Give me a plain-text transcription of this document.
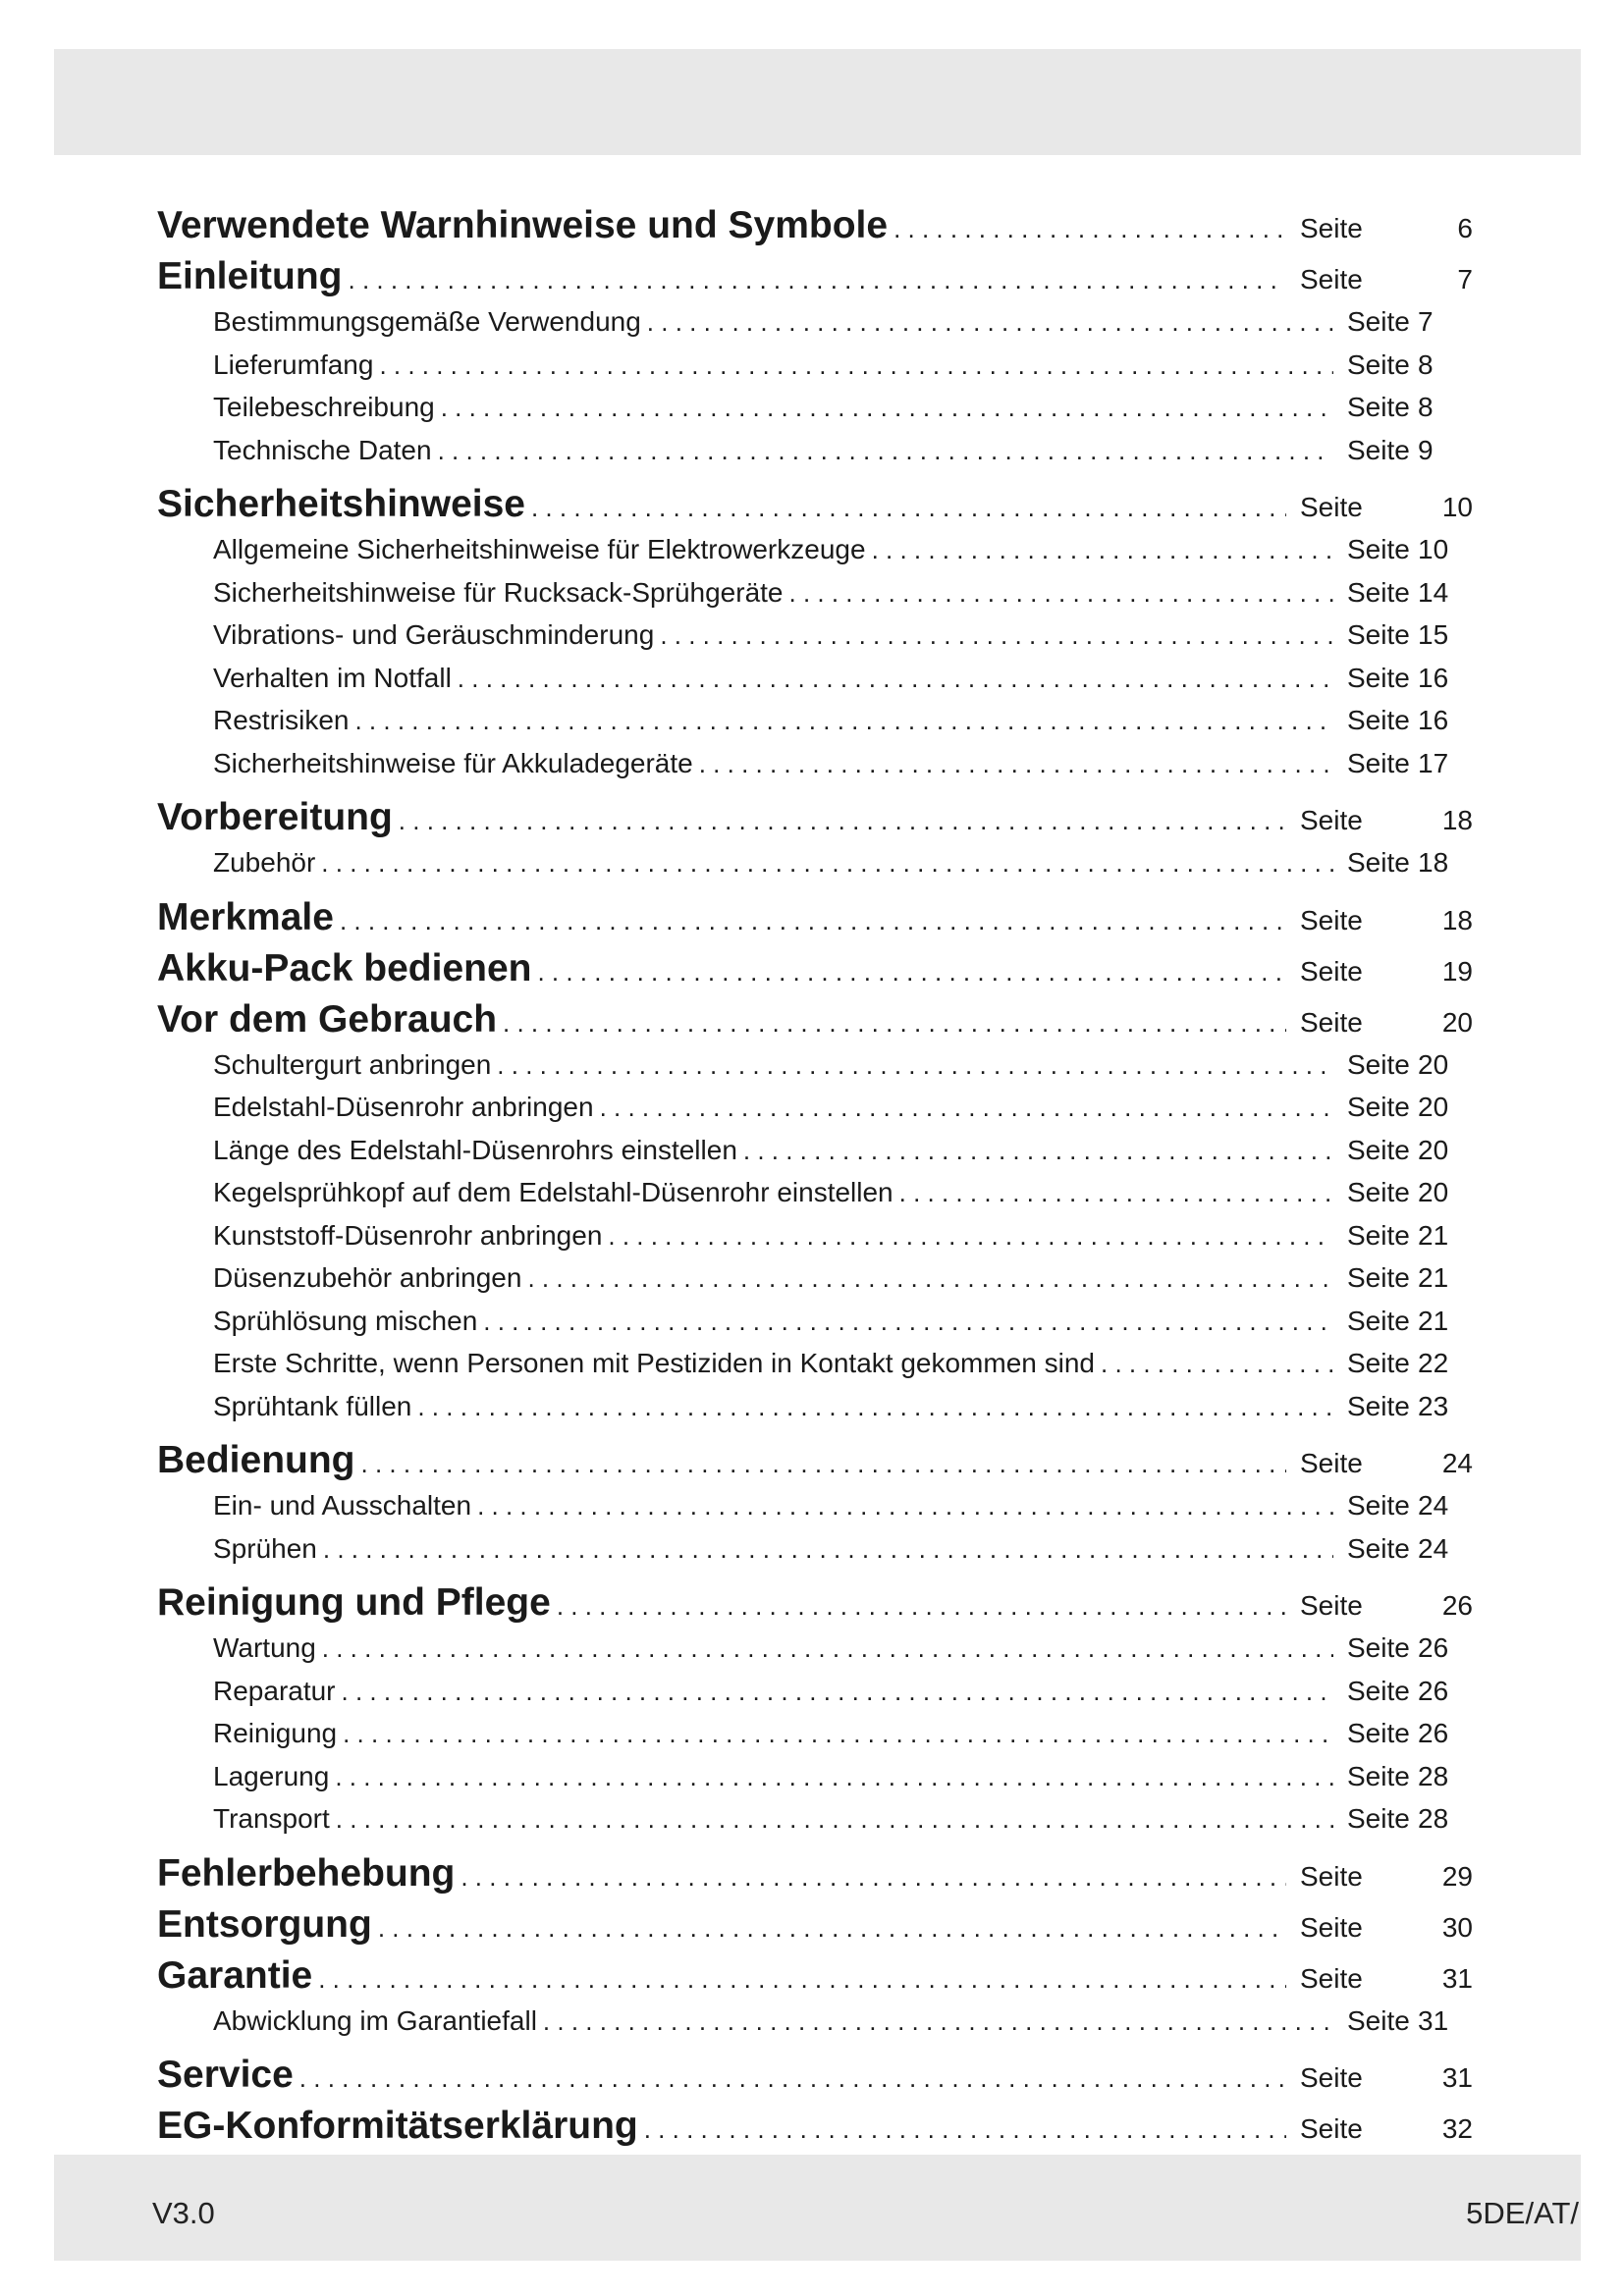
Verwendete Warnhinweise und Symbole . . .	Seite	6
Einleitung . . .	Seite	7
Bestimmungsgemäße Verwendung . . .	Seite 7
Lieferumfang . . .	Seite 8
Teilebeschreibung . . .	Seite 8
Technische Daten . . .	Seite 9
Sicherheitshinweise . . .	Seite	10
Allgemeine Sicherheitshinweise für Elektrowerkzeuge . . .	Seite 10
Sicherheitshinweise für Rucksack-Sprühgeräte . . .	Seite 14
Vibrations- und Geräuschminderung . . .	Seite 15
Verhalten im Notfall . . .	Seite 16
Restrisiken . . .	Seite 16
Sicherheitshinweise für Akkuladegeräte . . .	Seite 17
Vorbereitung . . .	Seite	18
Zubehör . . .	Seite 18
Merkmale . . .	Seite	18
Akku-Pack bedienen . . .	Seite	19
Vor dem Gebrauch . . .	Seite	20
Schultergurt anbringen . . .	Seite 20
Edelstahl-Düsenrohr anbringen . . .	Seite 20
Länge des Edelstahl-Düsenrohrs einstellen . . .	Seite 20
Kegelsprühkopf auf dem Edelstahl-Düsenrohr einstellen . . .	Seite 20
Kunststoff-Düsenrohr anbringen . . .	Seite 21
Düsenzubehör anbringen . . .	Seite 21
Sprühlösung mischen . . .	Seite 21
Erste Schritte, wenn Personen mit Pestiziden in Kontakt gekommen sind . . .	Seite 22
Sprühtank füllen . . .	Seite 23
Bedienung . . .	Seite	24
Ein- und Ausschalten . . .	Seite 24
Sprühen . . .	Seite 24
Reinigung und Pflege . . .	Seite	26
Wartung . . .	Seite 26
Reparatur . . .	Seite 26
Reinigung . . .	Seite 26
Lagerung . . .	Seite 28
Transport . . .	Seite 28
Fehlerbehebung . . .	Seite	29
Entsorgung . . .	Seite	30
Garantie . . .	Seite	31
Abwicklung im Garantiefall . . .	Seite 31
Service . . .	Seite	31
EG-Konformitätserklärung . . .	Seite	32
V3.0	5DE/AT/
